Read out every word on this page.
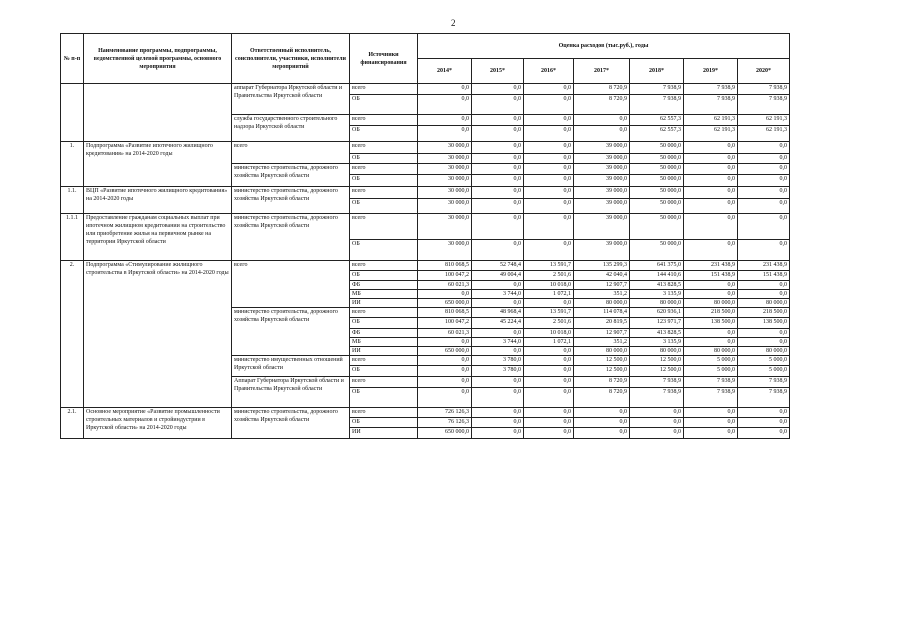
2
№ п-п	Наименование программы, подпрограммы, ведомственной целевой программы, основного мероприятия	Ответственный исполнитель, соисполнители, участники, исполнители мероприятий	Источники финансирования	Оценка расходов (тыс.руб.), годы						
				2014*	2015*	2016*	2017*	2018*	2019*	2020*
		аппарат Губернатора Иркутской области и Правительства Иркутской области	всего	0,0	0,0	0,0	8 720,9	7 938,9	7 938,9	7 938,9
			ОБ	0,0	0,0	0,0	8 720,9	7 938,9	7 938,9	7 938,9
		служба государственного строительного надзора Иркутской области	всего	0,0	0,0	0,0	0,0	62 557,3	62 191,3	62 191,3
			ОБ	0,0	0,0	0,0	0,0	62 557,3	62 191,3	62 191,3
1.	Подпрограмма «Развитие ипотечного жилищного кредитования» на 2014-2020 годы	всего	всего	30 000,0	0,0	0,0	39 000,0	50 000,0	0,0	0,0
			ОБ	30 000,0	0,0	0,0	39 000,0	50 000,0	0,0	0,0
		министерство строительства, дорожного хозяйства Иркутской области	всего	30 000,0	0,0	0,0	39 000,0	50 000,0	0,0	0,0
			ОБ	30 000,0	0,0	0,0	39 000,0	50 000,0	0,0	0,0
1.1.	ВЦП «Развитие ипотечного жилищного кредитования» на 2014-2020 годы	министерство строительства, дорожного хозяйства Иркутской области	всего	30 000,0	0,0	0,0	39 000,0	50 000,0	0,0	0,0
			ОБ	30 000,0	0,0	0,0	39 000,0	50 000,0	0,0	0,0
1.1.1	Предоставление гражданам социальных выплат при ипотечном жилищном кредитовании на строительство или приобретение жилья на первичном рынке на территории Иркутской области	министерство строительства, дорожного хозяйства Иркутской области	всего	30 000,0	0,0	0,0	39 000,0	50 000,0	0,0	0,0
			ОБ	30 000,0	0,0	0,0	39 000,0	50 000,0	0,0	0,0
2.	Подпрограмма «Стимулирование жилищного строительства в Иркутской области» на 2014-2020 годы	всего	всего	810 068,5	52 748,4	13 591,7	135 299,3	641 375,0	231 438,9	231 438,9
			ОБ	100 047,2	49 004,4	2 501,6	42 040,4	144 410,6	151 438,9	151 438,9
			ФБ	60 021,3	0,0	10 018,0	12 907,7	413 828,5	0,0	0,0
			МБ	0,0	3 744,0	1 072,1	351,2	3 135,9	0,0	0,0
			ИИ	650 000,0	0,0	0,0	80 000,0	80 000,0	80 000,0	80 000,0
		министерство строительства, дорожного хозяйства Иркутской области	всего	810 068,5	48 968,4	13 591,7	114 078,4	620 936,1	218 500,0	218 500,0
			ОБ	100 047,2	45 224,4	2 501,6	20 819,5	123 971,7	138 500,0	138 500,0
			ФБ	60 021,3	0,0	10 018,0	12 907,7	413 828,5	0,0	0,0
			МБ	0,0	3 744,0	1 072,1	351,2	3 135,9	0,0	0,0
			ИИ	650 000,0	0,0	0,0	80 000,0	80 000,0	80 000,0	80 000,0
		министерство имущественных отношений Иркутской области	всего	0,0	3 780,0	0,0	12 500,0	12 500,0	5 000,0	5 000,0
			ОБ	0,0	3 780,0	0,0	12 500,0	12 500,0	5 000,0	5 000,0
		Аппарат Губернатора Иркутской области и Правительства Иркутской области	всего	0,0	0,0	0,0	8 720,9	7 938,9	7 938,9	7 938,9
			ОБ	0,0	0,0	0,0	8 720,9	7 938,9	7 938,9	7 938,9
2.1.	Основное мероприятие «Развитие промышленности строительных материалов и стройиндустрии в Иркутской области» на 2014-2020 годы	министерство строительства, дорожного хозяйства Иркутской области	всего	726 126,3	0,0	0,0	0,0	0,0	0,0	0,0
			ОБ	76 126,3	0,0	0,0	0,0	0,0	0,0	0,0
			ИИ	650 000,0	0,0	0,0	0,0	0,0	0,0	0,0
